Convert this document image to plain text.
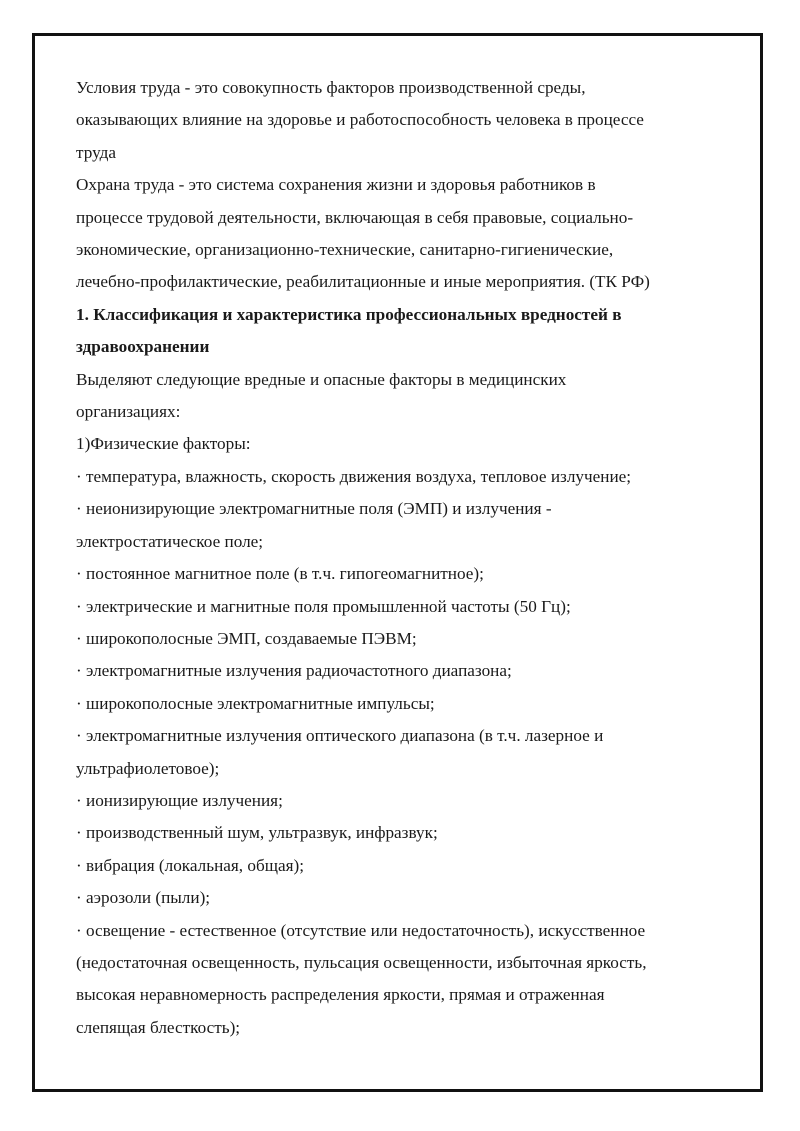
Условия труда - это совокупность факторов производственной среды,

оказывающих влияние на здоровье и работоспособность человека в процессе

труда

Охрана труда - это система сохранения жизни и здоровья работников в

процессе трудовой деятельности, включающая в себя правовые, социально-

экономические, организационно-технические, санитарно-гигиенические,

лечебно-профилактические, реабилитационные и иные мероприятия. (ТК РФ)

1. Классификация и характеристика профессиональных вредностей в

здравоохранении

Выделяют следующие вредные и опасные факторы в медицинских

организациях:

1)Физические факторы:

· температура, влажность, скорость движения воздуха, тепловое излучение;

· неионизирующие электромагнитные поля (ЭМП) и излучения -

электростатическое поле;

· постоянное магнитное поле (в т.ч. гипогеомагнитное);

· электрические и магнитные поля промышленной частоты (50 Гц);

· широкополосные ЭМП, создаваемые ПЭВМ;

· электромагнитные излучения радиочастотного диапазона;

· широкополосные электромагнитные импульсы;

· электромагнитные излучения оптического диапазона (в т.ч. лазерное и

ультрафиолетовое);

· ионизирующие излучения;

· производственный шум, ультразвук, инфразвук;

· вибрация (локальная, общая);

· аэрозоли (пыли);

· освещение - естественное (отсутствие или недостаточность), искусственное

(недостаточная освещенность, пульсация освещенности, избыточная яркость,

высокая неравномерность распределения яркости, прямая и отраженная

слепящая блесткость);
